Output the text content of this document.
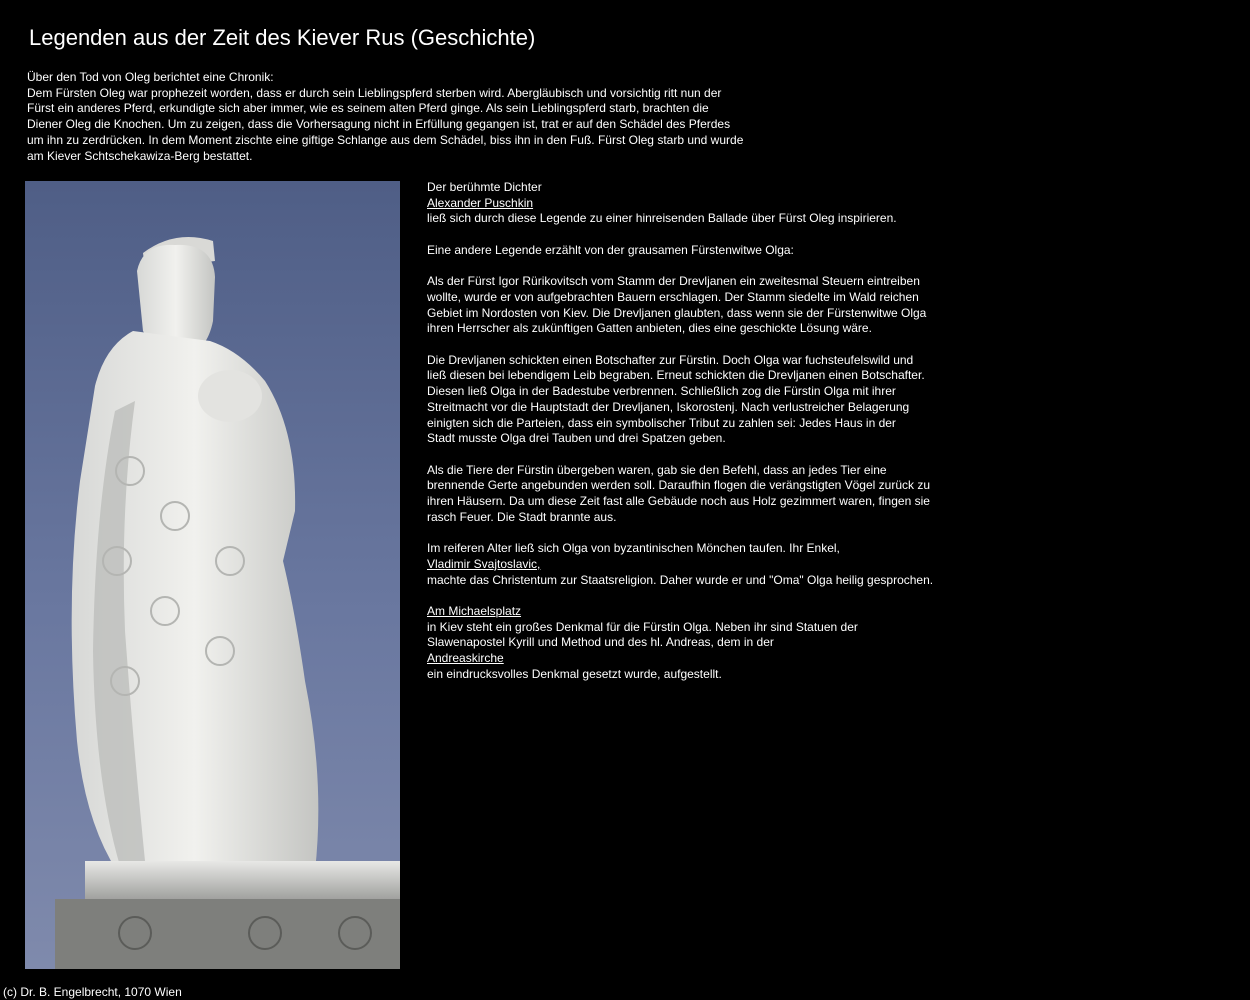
Legenden aus der Zeit des Kiever Rus (Geschichte)
Über den Tod von Oleg berichtet eine Chronik:
Dem Fürsten Oleg war prophezeit worden, dass er durch sein Lieblingspferd sterben wird. Abergläubisch und vorsichtig ritt nun der
Fürst ein anderes Pferd, erkundigte sich aber immer, wie es seinem alten Pferd ginge. Als sein Lieblingspferd starb, brachten die
Diener Oleg die Knochen. Um zu zeigen, dass die Vorhersagung nicht in Erfüllung gegangen ist, trat er auf den Schädel des Pferdes
um ihn zu zerdrücken. In dem Moment zischte eine giftige Schlange aus dem Schädel, biss ihn in den Fuß. Fürst Oleg starb und wurde
am Kiever Schtschekawiza-Berg bestattet.
Der berühmte Dichter
Alexander Puschkin
ließ sich durch diese Legende zu einer hinreisenden Ballade über Fürst Oleg inspirieren.
Eine andere Legende erzählt von der grausamen Fürstenwitwe Olga:
Als der Fürst Igor Rürikovitsch vom Stamm der Drevljanen ein zweitesmal Steuern eintreiben
wollte, wurde er von aufgebrachten Bauern erschlagen. Der Stamm siedelte im Wald reichen
Gebiet im Nordosten von Kiev. Die Drevljanen glaubten, dass wenn sie der Fürstenwitwe Olga
ihren Herrscher als zukünftigen Gatten anbieten, dies eine geschickte Lösung wäre.
Die Drevljanen schickten einen Botschafter zur Fürstin. Doch Olga war fuchsteufelswild und
ließ diesen bei lebendigem Leib begraben. Erneut schickten die Drevljanen einen Botschafter.
Diesen ließ Olga in der Badestube verbrennen. Schließlich zog die Fürstin Olga mit ihrer
Streitmacht vor die Hauptstadt der Drevljanen, Iskorostenj. Nach verlustreicher Belagerung
einigten sich die Parteien, dass ein symbolischer Tribut zu zahlen sei: Jedes Haus in der
Stadt musste Olga drei Tauben und drei Spatzen geben.
Als die Tiere der Fürstin übergeben waren, gab sie den Befehl, dass an jedes Tier eine
brennende Gerte angebunden werden soll. Daraufhin flogen die verängstigten Vögel zurück zu
ihren Häusern. Da um diese Zeit fast alle Gebäude noch aus Holz gezimmert waren, fingen sie
rasch Feuer. Die Stadt brannte aus.
Im reiferen Alter ließ sich Olga von byzantinischen Mönchen taufen. Ihr Enkel,
Vladimir Svajtoslavic,
machte das Christentum zur Staatsreligion. Daher wurde er und "Oma" Olga heilig gesprochen.
Am Michaelsplatz
in Kiev steht ein großes Denkmal für die Fürstin Olga. Neben ihr sind Statuen der
Slawenapostel Kyrill und Method und des hl. Andreas, dem in der
Andreaskirche
ein eindrucksvolles Denkmal gesetzt wurde, aufgestellt.
(c) Dr. B. Engelbrecht, 1070 Wien
